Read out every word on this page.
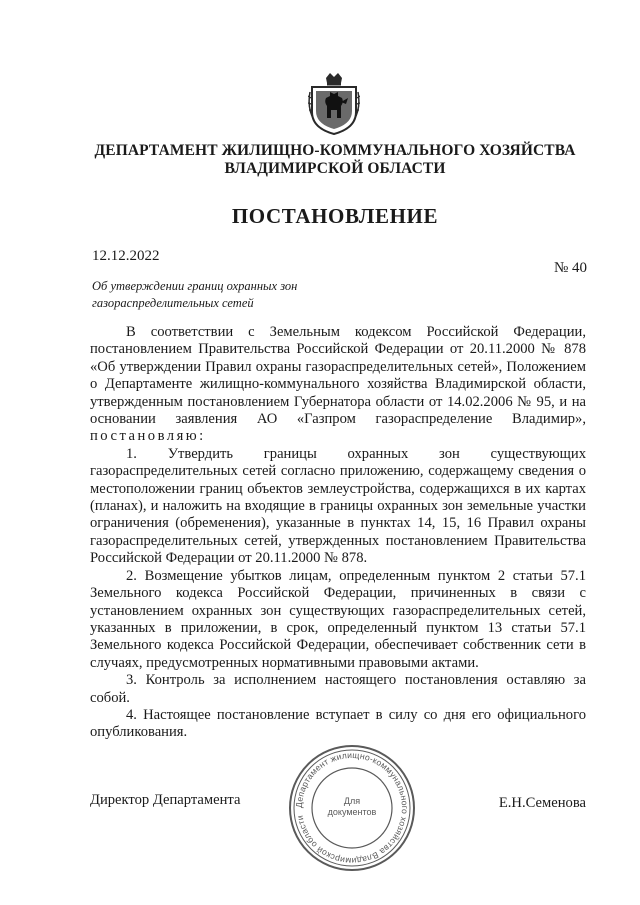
ДЕПАРТАМЕНТ ЖИЛИЩНО-КОММУНАЛЬНОГО ХОЗЯЙСТВА
ВЛАДИМИРСКОЙ ОБЛАСТИ
ПОСТАНОВЛЕНИЕ
12.12.2022
№ 40
Об утверждении границ охранных зон
газораспределительных сетей

В соответствии с Земельным кодексом Российской Федерации, постановлением Правительства Российской Федерации от 20.11.2000 № 878 «Об утверждении Правил охраны газораспределительных сетей», Положением о Департаменте жилищно-коммунального хозяйства Владимирской области, утвержденным постановлением Губернатора области от 14.02.2006 № 95, и на основании заявления АО «Газпром газораспределение Владимир», постановляю:

1. Утвердить границы охранных зон существующих газораспределительных сетей согласно приложению, содержащему сведения о местоположении границ объектов землеустройства, содержащихся в их картах (планах), и наложить на входящие в границы охранных зон земельные участки ограничения (обременения), указанные в пунктах 14, 15, 16 Правил охраны газораспределительных сетей, утвержденных постановлением Правительства Российской Федерации от 20.11.2000 № 878.

2. Возмещение убытков лицам, определенным пунктом 2 статьи 57.1 Земельного кодекса Российской Федерации, причиненных в связи с установлением охранных зон существующих газораспределительных сетей, указанных в приложении, в срок, определенный пунктом 13 статьи 57.1 Земельного кодекса Российской Федерации, обеспечивает собственник сети в случаях, предусмотренных нормативными правовыми актами.

3. Контроль за исполнением настоящего постановления оставляю за собой.

4. Настоящее постановление вступает в силу со дня его официального опубликования.

Директор Департамента	Е.Н.Семенова
Департамент жилищно-коммунального хозяйства Владимирской области
Для
документов
